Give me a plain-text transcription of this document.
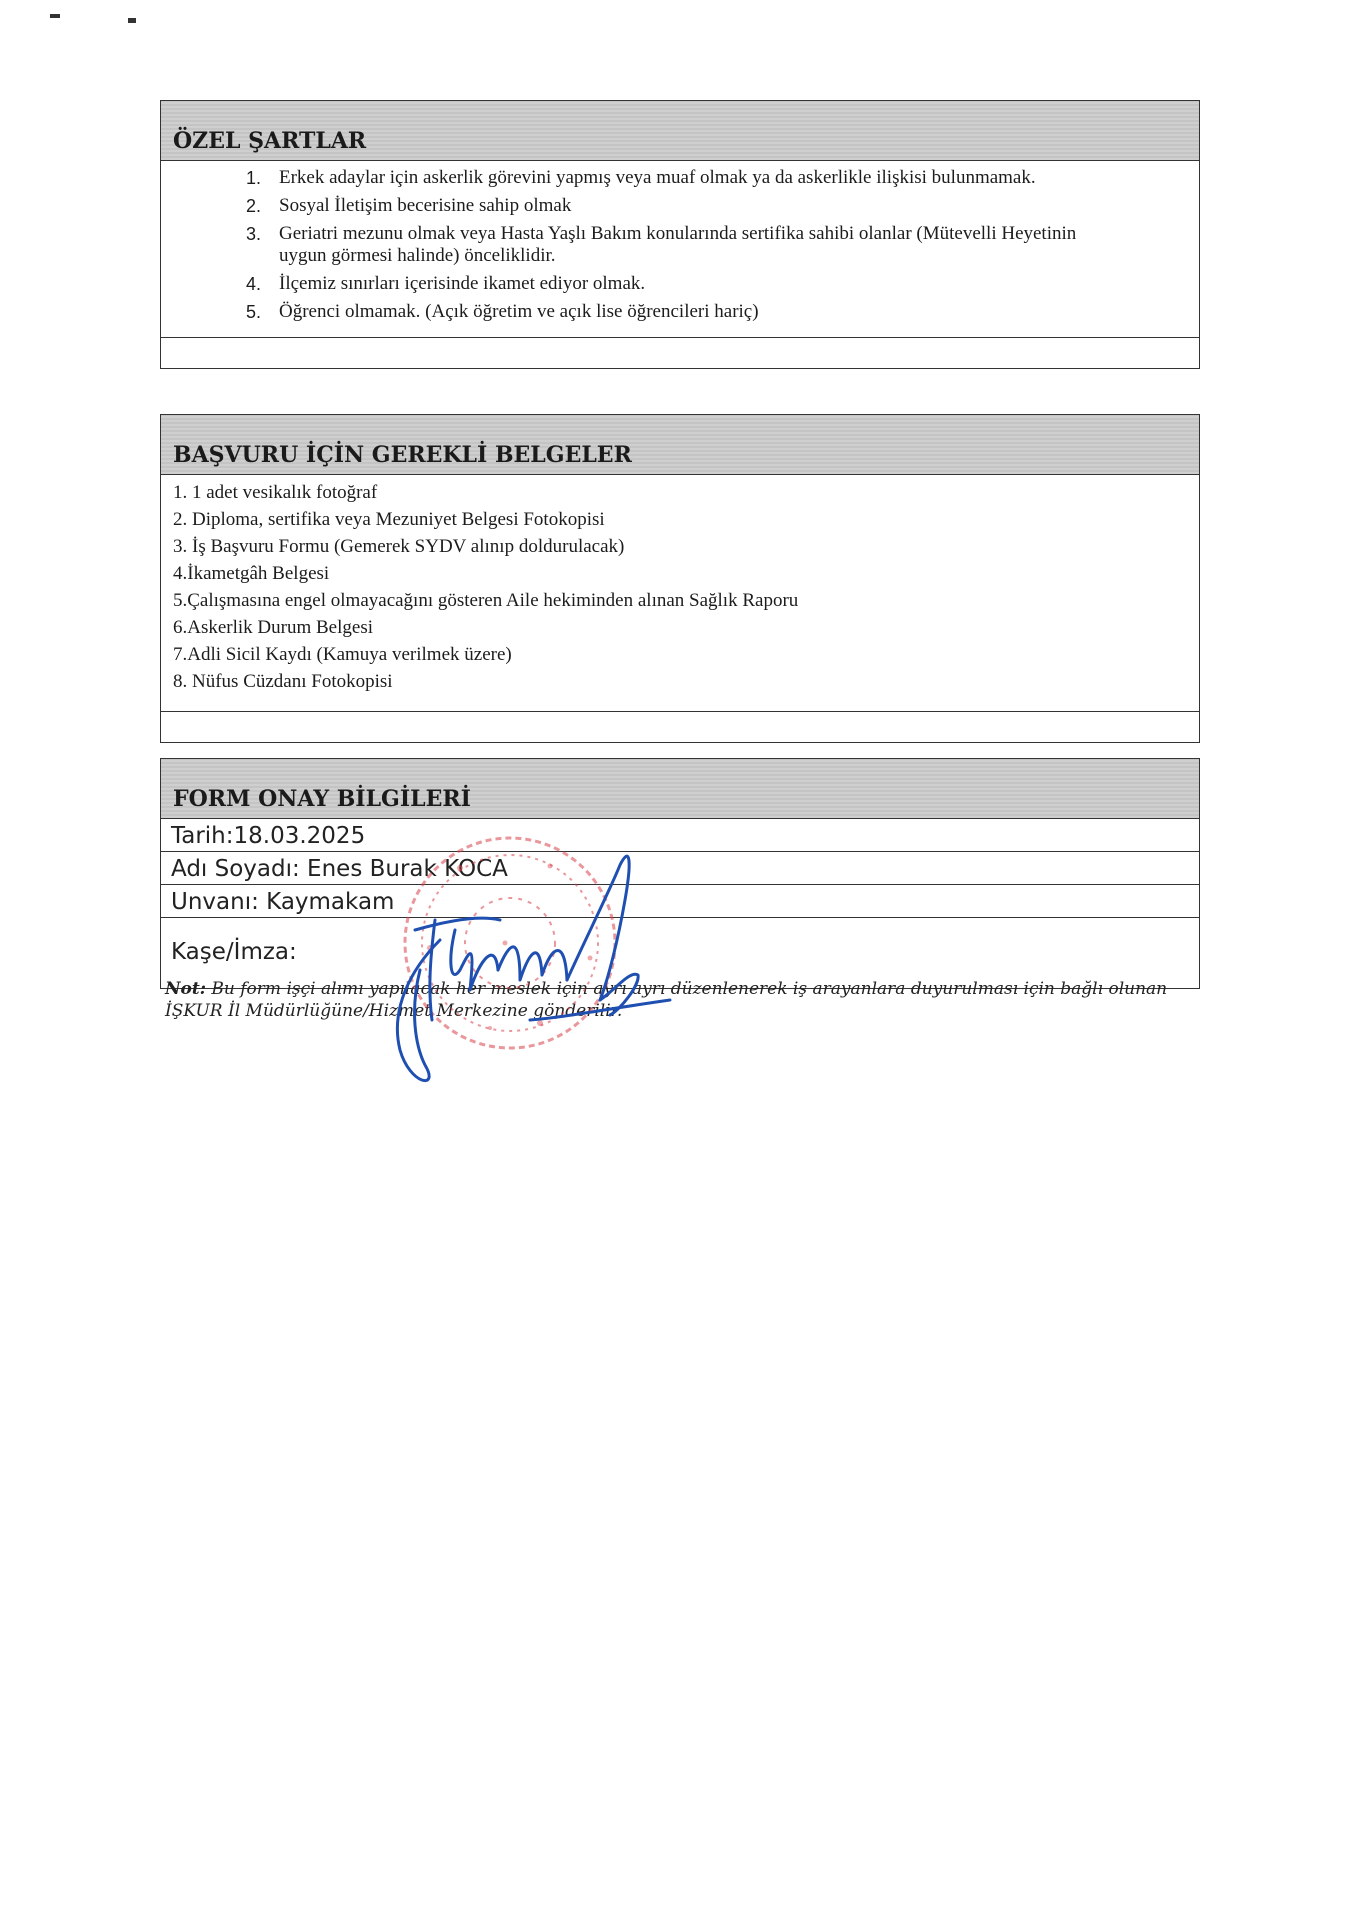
ÖZEL ŞARTLAR
1. Erkek adaylar için askerlik görevini yapmış veya muaf olmak ya da askerlikle ilişkisi bulunmamak.
2. Sosyal İletişim becerisine sahip olmak
3. Geriatri mezunu olmak veya Hasta Yaşlı Bakım konularında sertifika sahibi olanlar (Mütevelli Heyetinin uygun görmesi halinde) önceliklidir.
4. İlçemiz sınırları içerisinde ikamet ediyor olmak.
5. Öğrenci olmamak. (Açık öğretim ve açık lise öğrencileri hariç)
BAŞVURU İÇİN GEREKLİ BELGELER
1. 1 adet vesikalık fotoğraf
2. Diploma, sertifika veya Mezuniyet Belgesi Fotokopisi
3. İş Başvuru Formu (Gemerek SYDV alınıp doldurulacak)
4.İkametgâh Belgesi
5.Çalışmasına engel olmayacağını gösteren Aile hekiminden alınan Sağlık Raporu
6.Askerlik Durum Belgesi
7.Adli Sicil Kaydı (Kamuya verilmek üzere)
8. Nüfus Cüzdanı Fotokopisi
FORM ONAY BİLGİLERİ
Tarih:18.03.2025
Adı Soyadı: Enes Burak KOCA
Unvanı: Kaymakam
Kaşe/İmza:
Not: Bu form işçi alımı yapılacak her meslek için ayrı ayrı düzenlenerek iş arayanlara duyurulması için bağlı olunan İŞKUR İl Müdürlüğüne/Hizmet Merkezine gönderilir.
